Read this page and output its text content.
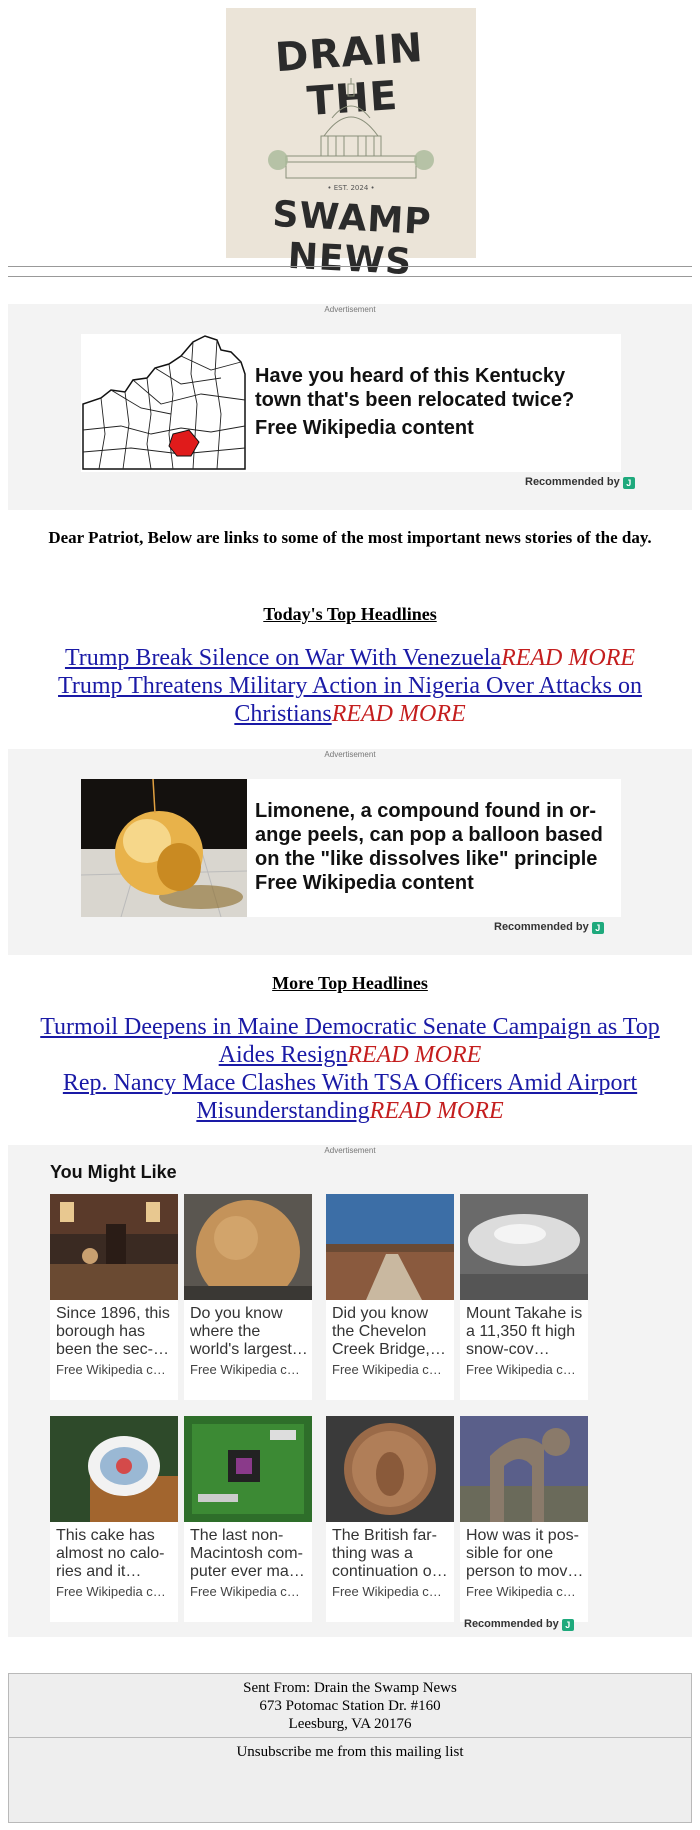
DRAIN THE
• EST. 2024 •
SWAMP NEWS
Advertisement
Have you heard of this Kentucky town that's been relocated twice?
Free Wikipedia content
Recommended by J
Dear Patriot, Below are links to some of the most important news stories of the day.
Today's Top Headlines
Trump Break Silence on War With VenezuelaREAD MORE
Trump Threatens Military Action in Nigeria Over Attacks on ChristiansREAD MORE
Advertisement
Limonene, a compound found in or-ange peels, can pop a balloon based on the "like dissolves like" principle
Free Wikipedia content
Recommended by J
More Top Headlines
Turmoil Deepens in Maine Democratic Senate Campaign as Top Aides ResignREAD MORE
Rep. Nancy Mace Clashes With TSA Officers Amid Airport MisunderstandingREAD MORE
Advertisement
You Might Like
Since 1896, this borough has been the sec-…
Free Wikipedia c…
Do you know where the world's largest…
Free Wikipedia c…
Did you know the Chevelon Creek Bridge,…
Free Wikipedia c…
Mount Takahe is a 11,350 ft high snow-cov…
Free Wikipedia c…
This cake has almost no calo-ries and it…
Free Wikipedia c…
The last non-Macintosh com-puter ever ma…
Free Wikipedia c…
The British far-thing was a continuation o…
Free Wikipedia c…
How was it pos-sible for one person to mov…
Free Wikipedia c…
Recommended by J
Sent From: Drain the Swamp News
673 Potomac Station Dr. #160
Leesburg, VA 20176
Unsubscribe me from this mailing list
